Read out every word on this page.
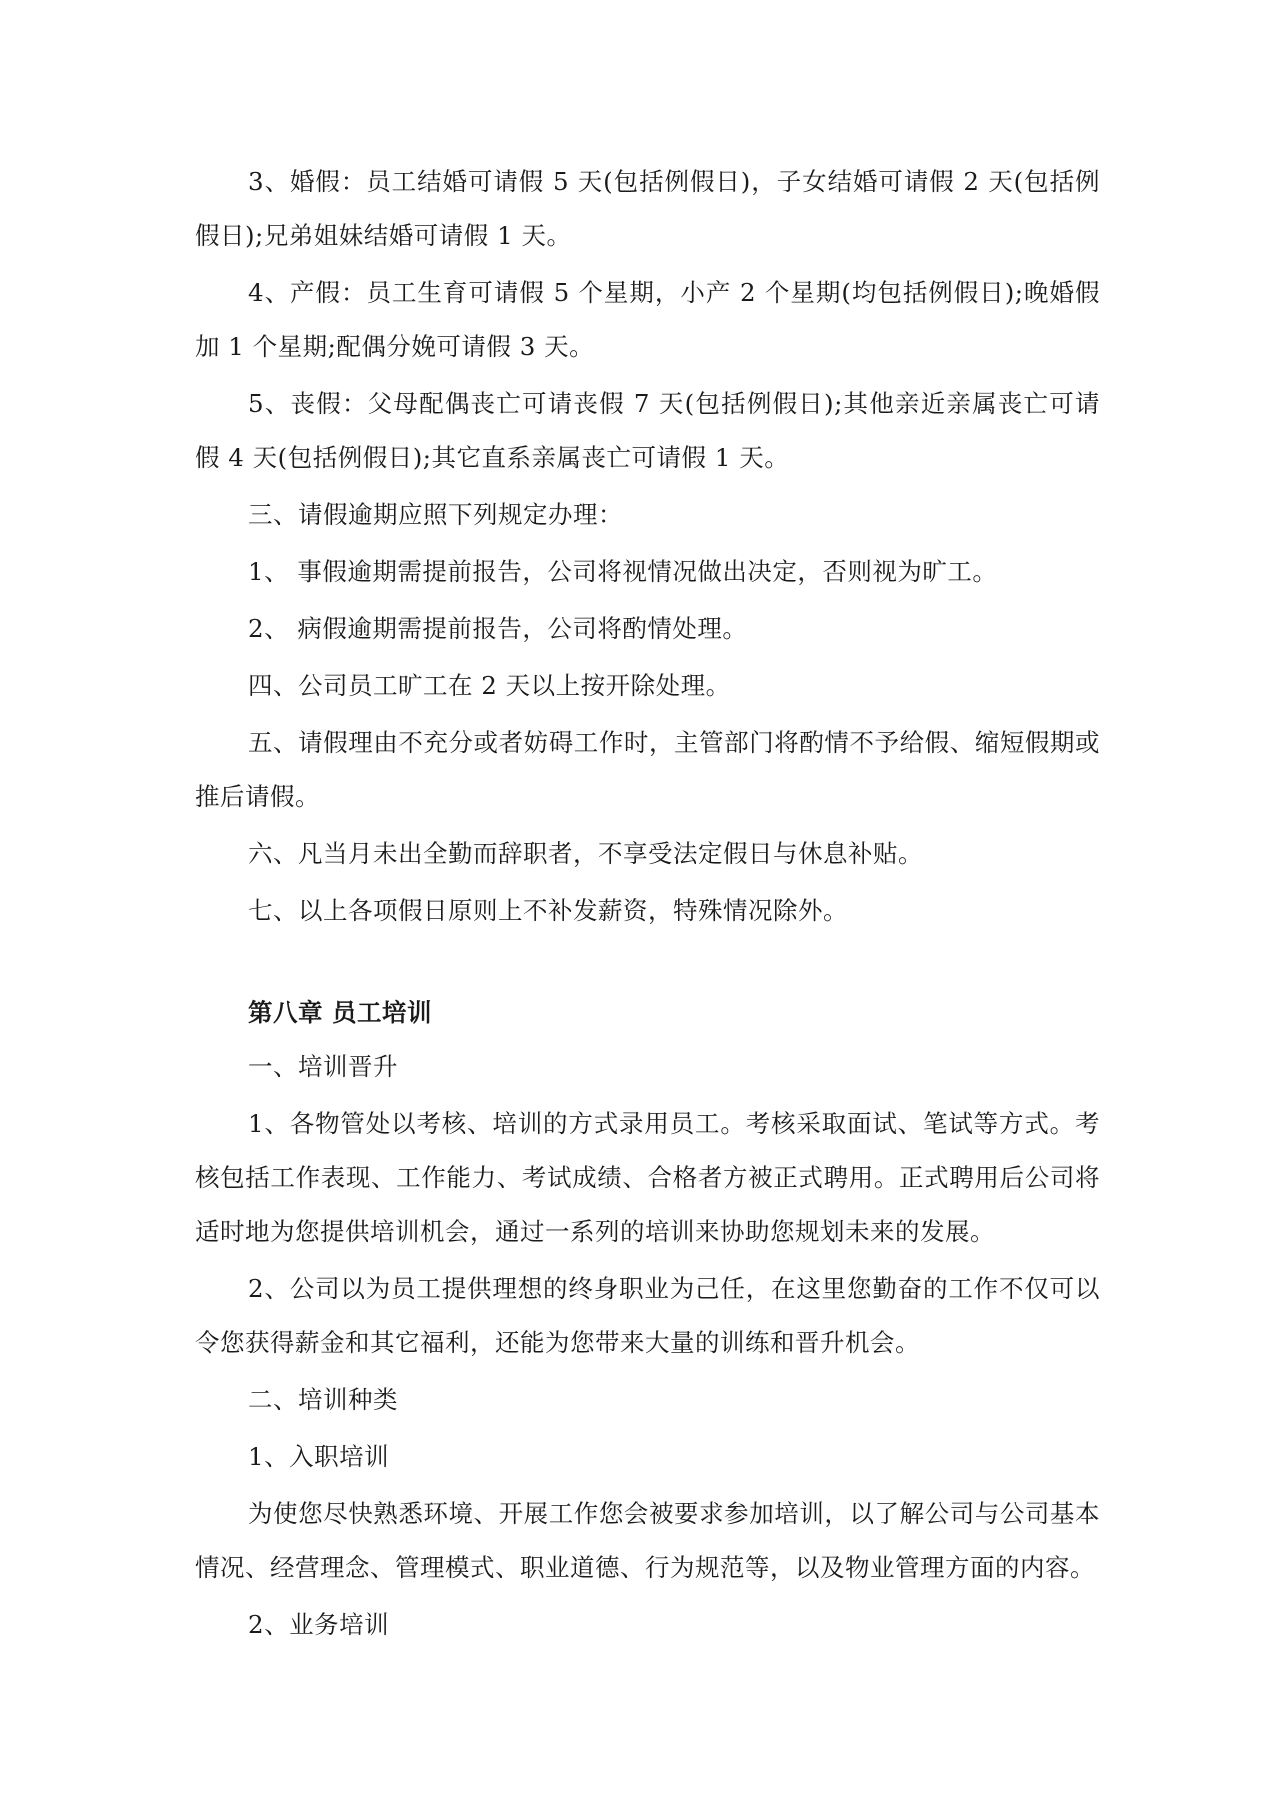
3、婚假：员工结婚可请假 5 天(包括例假日)，子女结婚可请假 2 天(包括例假日);兄弟姐妹结婚可请假 1 天。

4、产假：员工生育可请假 5 个星期，小产 2 个星期(均包括例假日);晚婚假加 1 个星期;配偶分娩可请假 3 天。

5、丧假：父母配偶丧亡可请丧假 7 天(包括例假日);其他亲近亲属丧亡可请假 4 天(包括例假日);其它直系亲属丧亡可请假 1 天。

三、请假逾期应照下列规定办理：

1、 事假逾期需提前报告，公司将视情况做出决定，否则视为旷工。

2、 病假逾期需提前报告，公司将酌情处理。

四、公司员工旷工在 2 天以上按开除处理。

五、请假理由不充分或者妨碍工作时，主管部门将酌情不予给假、缩短假期或推后请假。

六、凡当月未出全勤而辞职者，不享受法定假日与休息补贴。

七、以上各项假日原则上不补发薪资，特殊情况除外。

第八章 员工培训

一、培训晋升

1、各物管处以考核、培训的方式录用员工。考核采取面试、笔试等方式。考核包括工作表现、工作能力、考试成绩、合格者方被正式聘用。正式聘用后公司将适时地为您提供培训机会，通过一系列的培训来协助您规划未来的发展。

2、公司以为员工提供理想的终身职业为己任，在这里您勤奋的工作不仅可以令您获得薪金和其它福利，还能为您带来大量的训练和晋升机会。

二、培训种类

1、入职培训

为使您尽快熟悉环境、开展工作您会被要求参加培训，以了解公司与公司基本情况、经营理念、管理模式、职业道德、行为规范等，以及物业管理方面的内容。

2、业务培训
